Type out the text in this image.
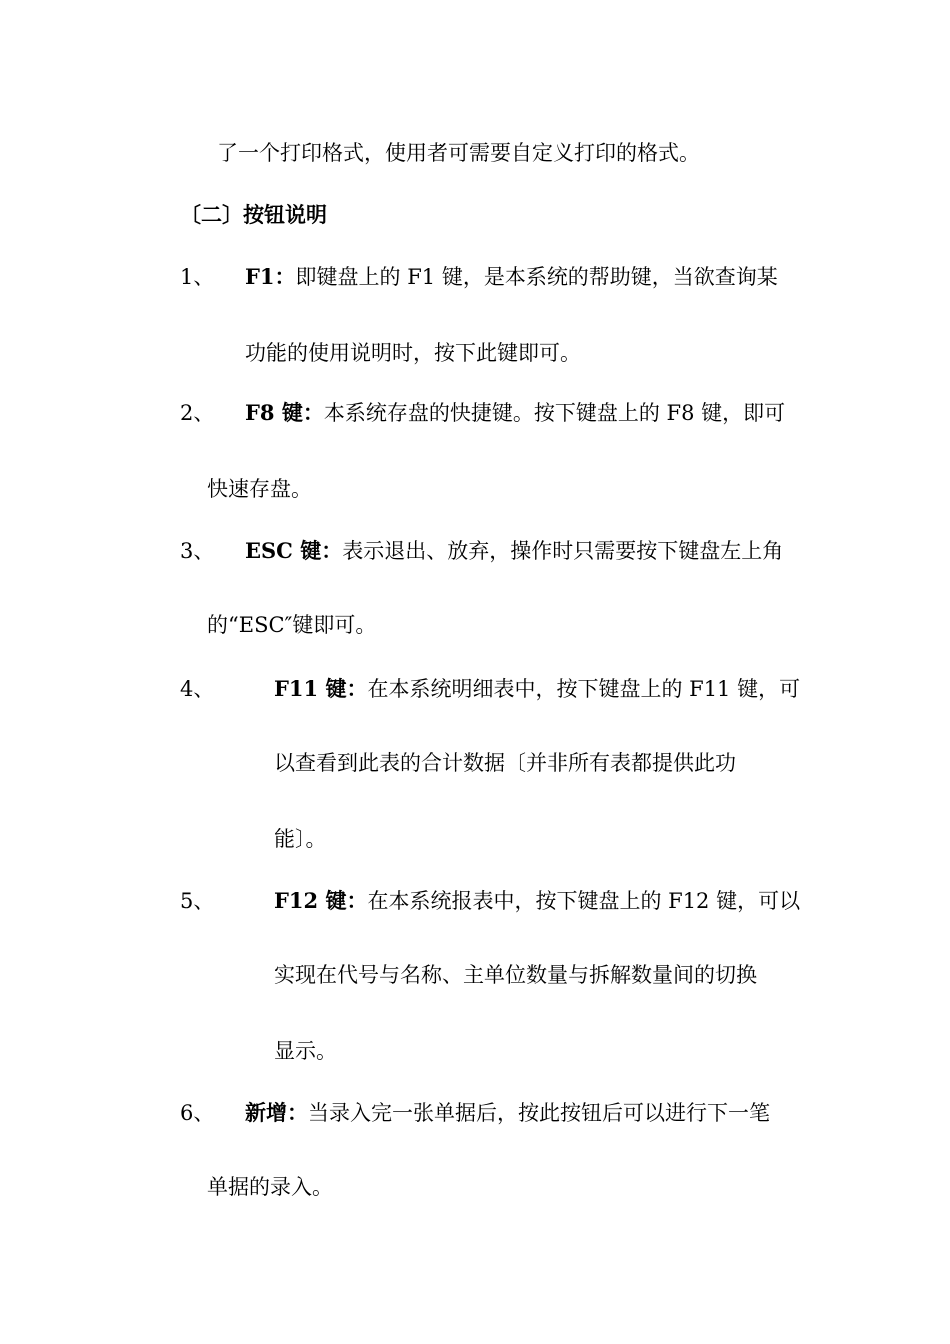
了一个打印格式，使用者可需要自定义打印的格式。
〔二〕按钮说明
1、 F1：即键盘上的 F1 键，是本系统的帮助键，当欲查询某
功能的使用说明时，按下此键即可。
2、 F8 键：本系统存盘的快捷键。按下键盘上的 F8 键，即可
快速存盘。
3、 ESC 键：表示退出、放弃，操作时只需要按下键盘左上角
的“ESC″键即可。
4、	F11 键：在本系统明细表中，按下键盘上的 F11 键，可
以查看到此表的合计数据〔并非所有表都提供此功
能〕。
5、	F12 键：在本系统报表中，按下键盘上的 F12 键，可以
实现在代号与名称、主单位数量与拆解数量间的切换
显示。
6、 新增：当录入完一张单据后，按此按钮后可以进行下一笔
单据的录入。
